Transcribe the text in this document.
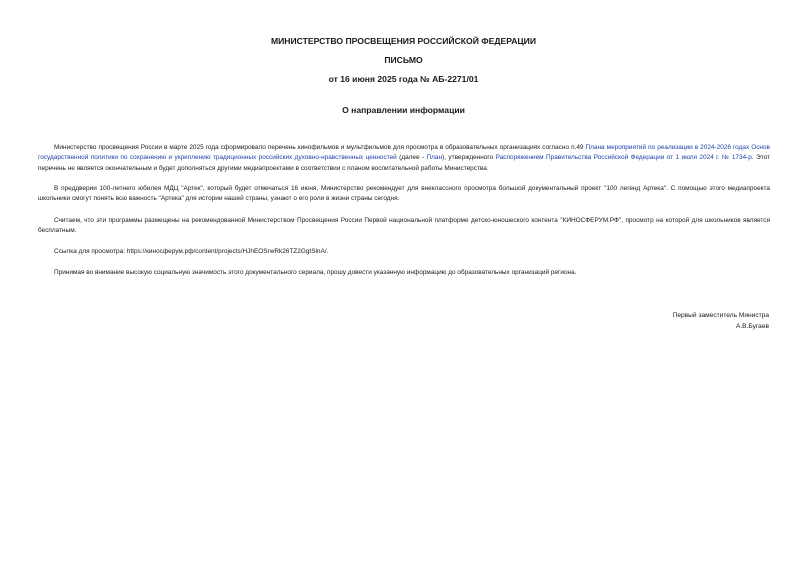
МИНИСТЕРСТВО ПРОСВЕЩЕНИЯ РОССИЙСКОЙ ФЕДЕРАЦИИ
ПИСЬМО
от 16 июня 2025 года № АБ-2271/01
О направлении информации
Министерство просвещения России в марте 2025 года сформировало перечень кинофильмов и мультфильмов для просмотра в образовательных организациях согласно п.49 Плана мероприятий по реализации в 2024-2026 годах Основ государственной политики по сохранению и укреплению традиционных российских духовно-нравственных ценностей (далее - План), утвержденного Распоряжением Правительства Российской Федерации от 1 июля 2024 г. № 1734-р. Этот перечень не является окончательным и будет дополняться другими медиапроектами в соответствии с планом воспитательной работы Министерства.
В преддверии 100-летнего юбилея МДЦ "Артек", который будет отмечаться 16 июня, Министерство рекомендует для внеклассного просмотра большой документальный проект "100 легенд Артека". С помощью этого медиапроекта школьники смогут понять всю важность "Артека" для истории нашей страны, узнают о его роли в жизни страны сегодня.
Считаем, что эти программы размещены на рекомендованной Министерством Просвещения России Первой национальной платформе детско-юношеского контента "КИНОСФЕРУМ.РФ", просмотр на которой для школьников является бесплатным.
Ссылка для просмотра: https://киносферум.рф/content/projects/HJhEOSrwRk26TZ2GgtSlnA/.
Принимая во внимание высокую социальную значимость этого документального сериала, прошу довести указанную информацию до образовательных организаций региона.
Первый заместитель Министра
А.В.Бугаев
